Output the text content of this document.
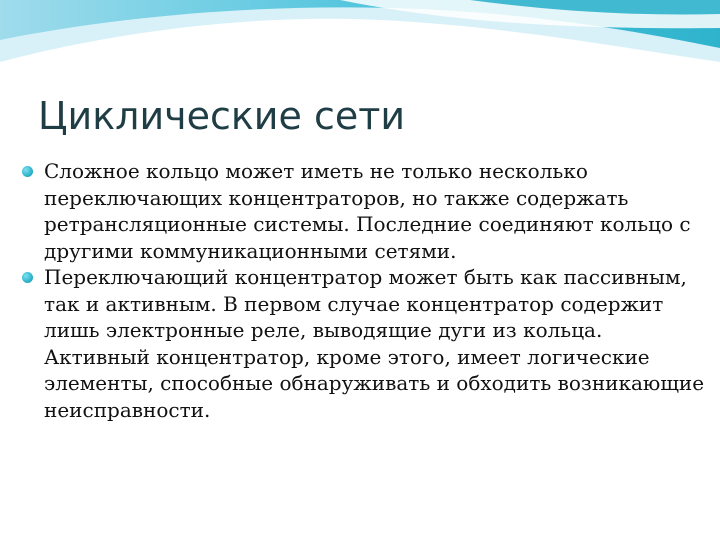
Циклические сети
Сложное кольцо может иметь не только несколько переключающих концентраторов, но также содержать ретрансляционные системы. Последние соединяют кольцо с другими коммуникационными сетями.
Переключающий концентратор может быть как пассивным, так и активным. В первом случае концентратор содержит лишь электронные реле, выводящие дуги из кольца. Активный концентратор, кроме этого, имеет логические элементы, способные обнаруживать и обходить возникающие неисправности.
